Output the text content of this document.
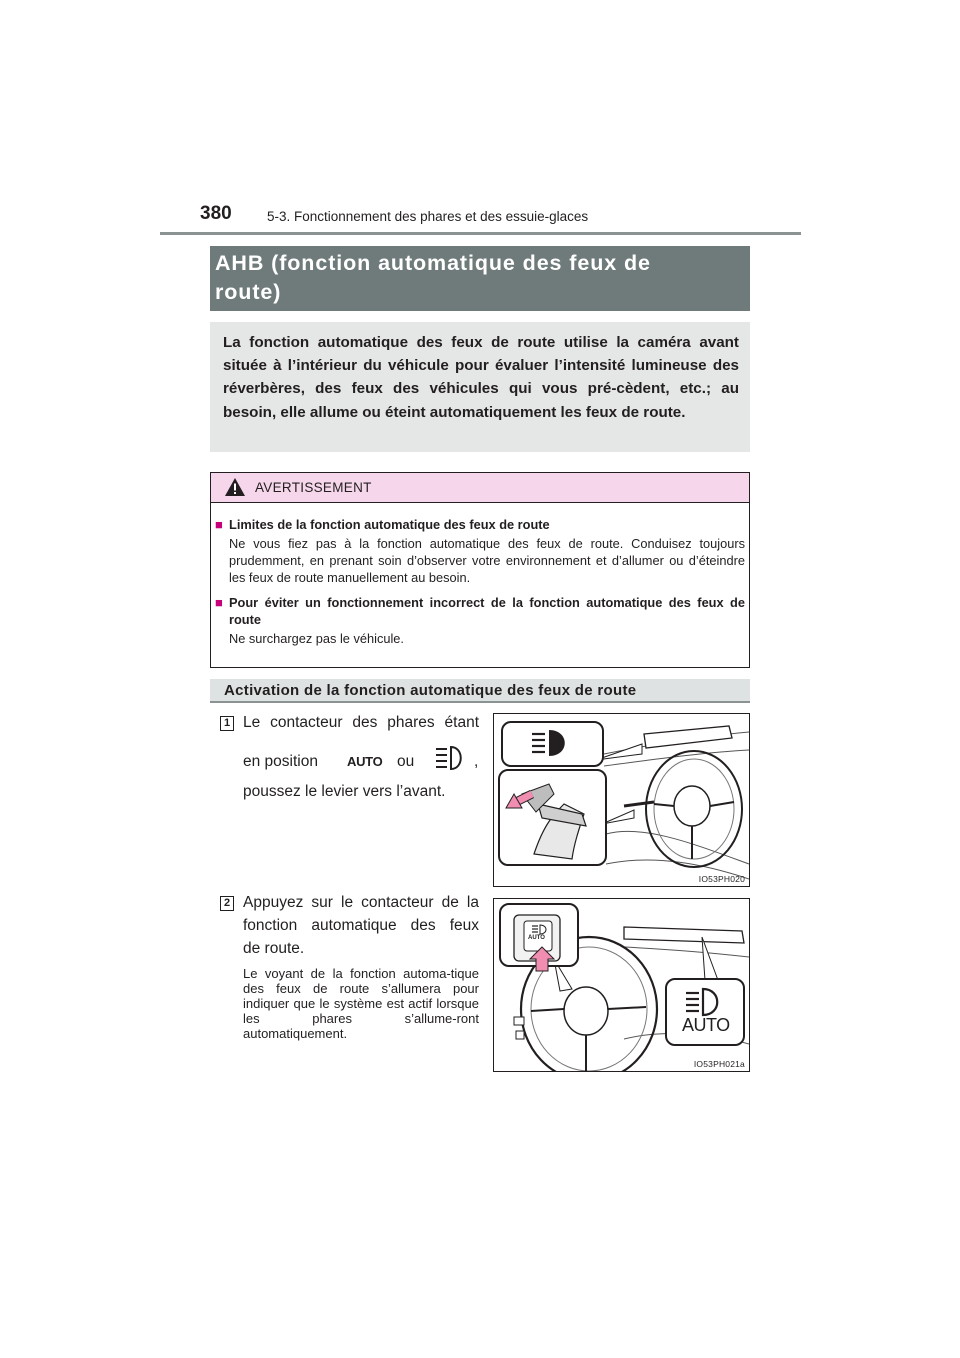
380	5-3. Fonctionnement des phares et des essuie-glaces
AHB (fonction automatique des feux de
route)

La fonction automatique des feux de route utilise la caméra avant située à l’intérieur du véhicule pour évaluer l’intensité lumineuse des réverbères, des feux des véhicules qui vous pré-cèdent, etc.; au besoin, elle allume ou éteint automatiquement les feux de route.

AVERTISSEMENT
■ Limites de la fonction automatique des feux de route
Ne vous fiez pas à la fonction automatique des feux de route. Conduisez toujours prudemment, en prenant soin d’observer votre environnement et d’allumer ou d’éteindre les feux de route manuellement au besoin.
■ Pour éviter un fonctionnement incorrect de la fonction automatique des feux de route
Ne surchargez pas le véhicule.
Activation de la fonction automatique des feux de route
1 Le contacteur des phares étant
en position AUTO ou	,
poussez le levier vers l’avant.
IO53PH020
2 Appuyez sur le contacteur de la
fonction automatique des feux
de route.
Le voyant de la fonction automa-tique des feux de route s’allumera pour indiquer que le système est actif lorsque les phares s’allume-ront automatiquement.
AUTO
AUTO
IO53PH021a
